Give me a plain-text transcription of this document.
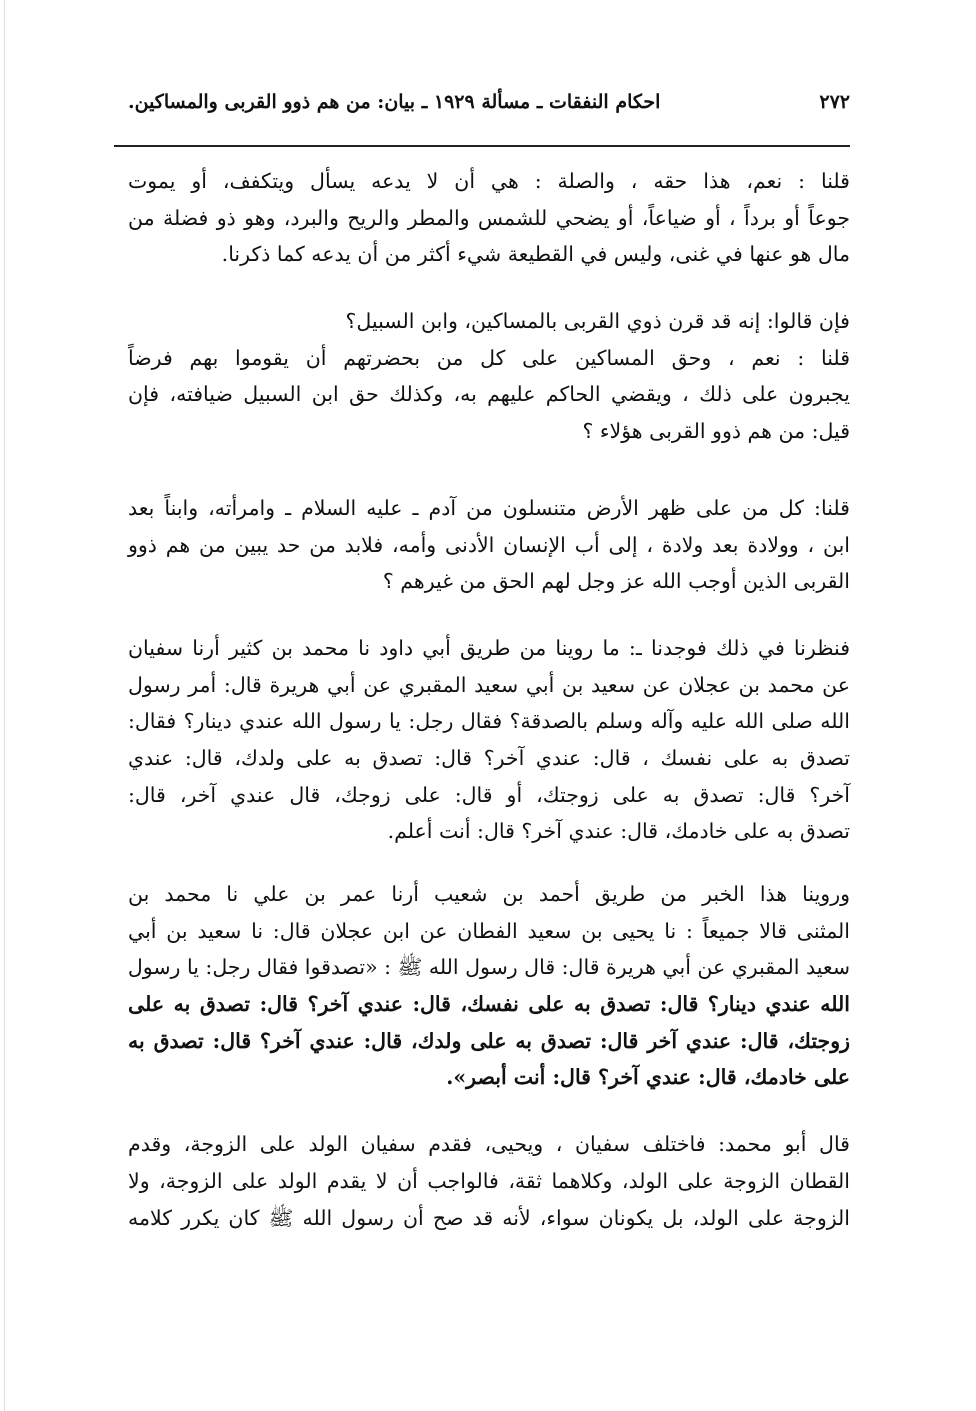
٢٧٢
احكام النفقات ـ مسألة ١٩٢٩ ـ بيان: من هم ذوو القربى والمساكين.
قلنا : نعم، هذا حقه ، والصلة : هي أن لا يدعه يسأل ويتكفف، أو يموت
جوعاً أو برداً ، أو ضياعاً، أو يضحي للشمس والمطر والريح والبرد، وهو ذو فضلة من
مال هو عنها في غنى، وليس في القطيعة شيء أكثر من أن يدعه كما ذكرنا.
فإن قالوا: إنه قد قرن ذوي القربى بالمساكين، وابن السبيل؟
قلنا : نعم ، وحق المساكين على كل من بحضرتهم أن يقوموا بهم فرضاً
يجبرون على ذلك ، ويقضي الحاكم عليهم به، وكذلك حق ابن السبيل ضيافته، فإن
قيل: من هم ذوو القربى هؤلاء ؟
قلنا: كل من على ظهر الأرض متنسلون من آدم ـ عليه السلام ـ وامرأته، وابناً بعد
ابن ، وولادة بعد ولادة ، إلى أب الإنسان الأدنى وأمه، فلابد من حد يبين من هم ذوو
القربى الذين أوجب الله عز وجل لهم الحق من غيرهم ؟
فنظرنا في ذلك فوجدنا ـ: ما روينا من طريق أبي داود نا محمد بن كثير أرنا سفيان
عن محمد بن عجلان عن سعيد بن أبي سعيد المقبري عن أبي هريرة قال: أمر رسول
الله صلى الله عليه وآله وسلم بالصدقة؟ فقال رجل: يا رسول الله عندي دينار؟ فقال:
تصدق به على نفسك ، قال: عندي آخر؟ قال: تصدق به على ولدك، قال: عندي
آخر؟ قال: تصدق به على زوجتك، أو قال: على زوجك، قال عندي آخر، قال:
تصدق به على خادمك، قال: عندي آخر؟ قال: أنت أعلم.
وروينا هذا الخبر من طريق أحمد بن شعيب أرنا عمر بن علي نا محمد بن
المثنى قالا جميعاً : نا يحيى بن سعيد الفطان عن ابن عجلان قال: نا سعيد بن أبي
سعيد المقبري عن أبي هريرة قال: قال رسول الله ﷺ : «تصدقوا فقال رجل: يا رسول
الله عندي دينار؟ قال: تصدق به على نفسك، قال: عندي آخر؟ قال: تصدق به على
زوجتك، قال: عندي آخر قال: تصدق به على ولدك، قال: عندي آخر؟ قال: تصدق به
على خادمك، قال: عندي آخر؟ قال: أنت أبصر».
قال أبو محمد: فاختلف سفيان ، ويحيى، فقدم سفيان الولد على الزوجة، وقدم
القطان الزوجة على الولد، وكلاهما ثقة، فالواجب أن لا يقدم الولد على الزوجة، ولا
الزوجة على الولد، بل يكونان سواء، لأنه قد صح أن رسول الله ﷺ كان يكرر كلامه
